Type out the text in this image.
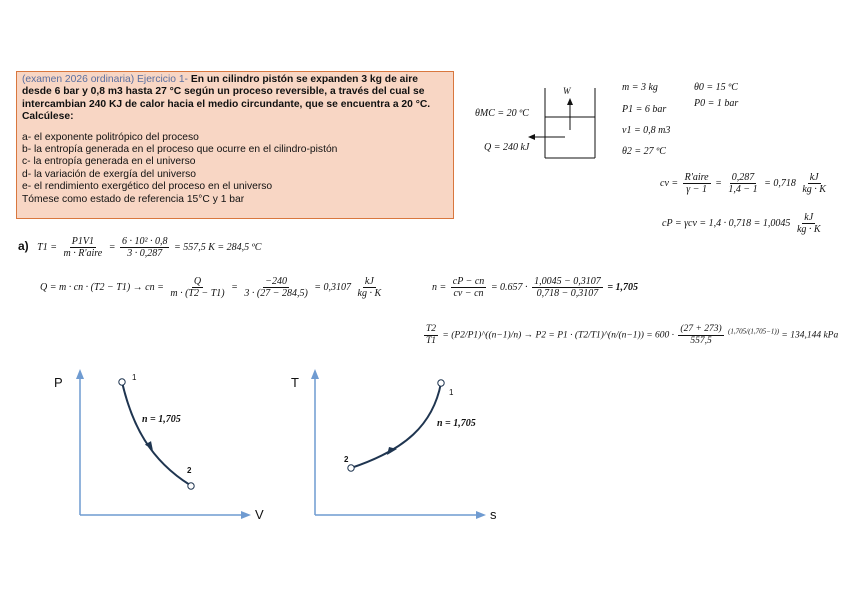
(examen 2026 ordinaria) Ejercicio 1- En un cilindro pistón se expanden 3 kg de aire
desde 6 bar y 0,8 m3 hasta 27 °C según un proceso reversible, a través del cual se
intercambian 240 KJ de calor hacia el medio circundante, que se encuentra a 20 °C.
Calcúlese:
a- el exponente politrópico del proceso
b- la entropía generada en el proceso que ocurre en el cilindro-pistón
c- la entropía generada en el universo
d- la variación de exergía del universo
e- el rendimiento exergético del proceso en el universo
Tómese como estado de referencia 15°C y 1 bar
W
θMC = 20 ºC
Q = 240 kJ
m = 3 kg
P1 = 6 bar
v1 = 0,8 m3
θ2 = 27 ºC
θ0 = 15 ºC
P0 = 1 bar
cv = $\frac{\text{R'aire}}{\gamma - 1} = \frac{0,287}{1,4 - 1} = 0,718 \frac{kJ}{kg \cdot K}$
cP = $\gamma cv = 1,4 \cdot 0,718 = 1,0045 \frac{kJ}{kg \cdot K}$
a) $T1 = \frac{P1V1}{\text{m · R'aire}} = \frac{\text{6 · 10² · 0,8}}{3 \cdot 0,287} = 557,5$ K = 284,5 ºC
Q = m · cn · (T2 − T1) → cn = $\frac{Q}{m \cdot (T2 - T1)} = \frac{-240}{3 \cdot (27 - 284,5)} = 0,3107 \frac{kJ}{kg \cdot K}$	$n = \frac{cP - cn}{cv - cn} = 0.657 \cdot \frac{1,0045 - 0,3107}{0,718 - 0,3107} = 1,705$
$\frac{T2}{T1}$ = (P2/P1)^((n−1)/n) → P2 = P1 · (T2/T1)^(n/(n−1)) = $600 \cdot \frac{(27 + 273)}{557,5} ^{(1,705/(1,705-1))} = 134,144$ kPa
P
V
1
2
n = 1,705
T
s
1
2
n = 1,705
